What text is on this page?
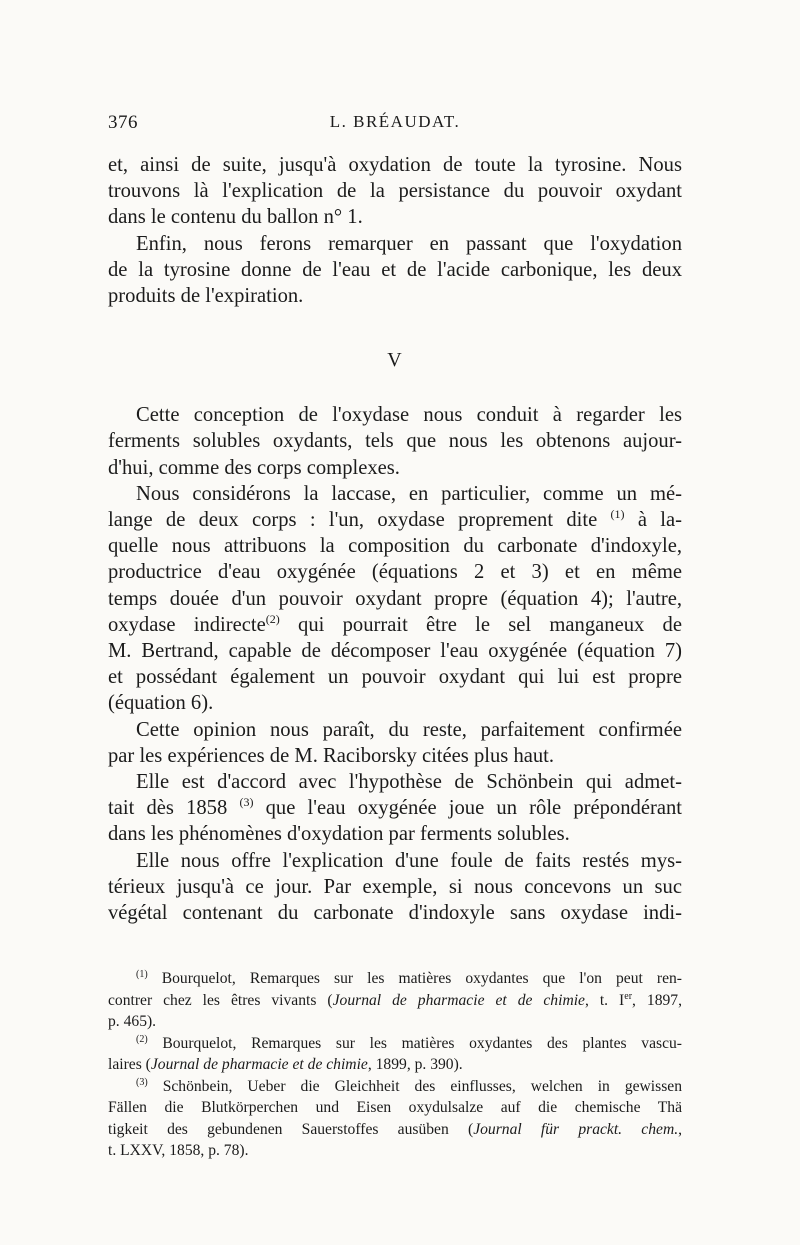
376	L. BRÉAUDAT.

et, ainsi de suite, jusqu'à oxydation de toute la tyrosine. Nous
trouvons là l'explication de la persistance du pouvoir oxydant
dans le contenu du ballon n° 1.

Enfin, nous ferons remarquer en passant que l'oxydation
de la tyrosine donne de l'eau et de l'acide carbonique, les deux
produits de l'expiration.

V

Cette conception de l'oxydase nous conduit à regarder les
ferments solubles oxydants, tels que nous les obtenons aujour-
d'hui, comme des corps complexes.

Nous considérons la laccase, en particulier, comme un mé-
lange de deux corps : l'un, oxydase proprement dite $^{(1)}$ à la-
quelle nous attribuons la composition du carbonate d'indoxyle,
productrice d'eau oxygénée (équations 2 et 3) et en même
temps douée d'un pouvoir oxydant propre (équation 4); l'autre,
oxydase indirecte$^{(2)}$ qui pourrait être le sel manganeux de
M. Bertrand, capable de décomposer l'eau oxygénée (équation 7)
et possédant également un pouvoir oxydant qui lui est propre
(équation 6).

Cette opinion nous paraît, du reste, parfaitement confirmée
par les expériences de M. Raciborsky citées plus haut.

Elle est d'accord avec l'hypothèse de Schönbein qui admet-
tait dès 1858 $^{(3)}$ que l'eau oxygénée joue un rôle prépondérant
dans les phénomènes d'oxydation par ferments solubles.

Elle nous offre l'explication d'une foule de faits restés mys-
térieux jusqu'à ce jour. Par exemple, si nous concevons un suc
végétal contenant du carbonate d'indoxyle sans oxydase indi-

$^{(1)}$ Bourquelot, Remarques sur les matières oxydantes que l'on peut ren-
contrer chez les êtres vivants (Journal de pharmacie et de chimie, t. Ier, 1897,
p. 465).

$^{(2)}$ Bourquelot, Remarques sur les matières oxydantes des plantes vascu-
laires (Journal de pharmacie et de chimie, 1899, p. 390).

$^{(3)}$ Schönbein, Ueber die Gleichheit des einflusses, welchen in gewissen
Fällen die Blutkörperchen und Eisen oxydulsalze auf die chemische Thä
tigkeit des gebundenen Sauerstoffes ausüben (Journal für prackt. chem.,
t. LXXV, 1858, p. 78).
